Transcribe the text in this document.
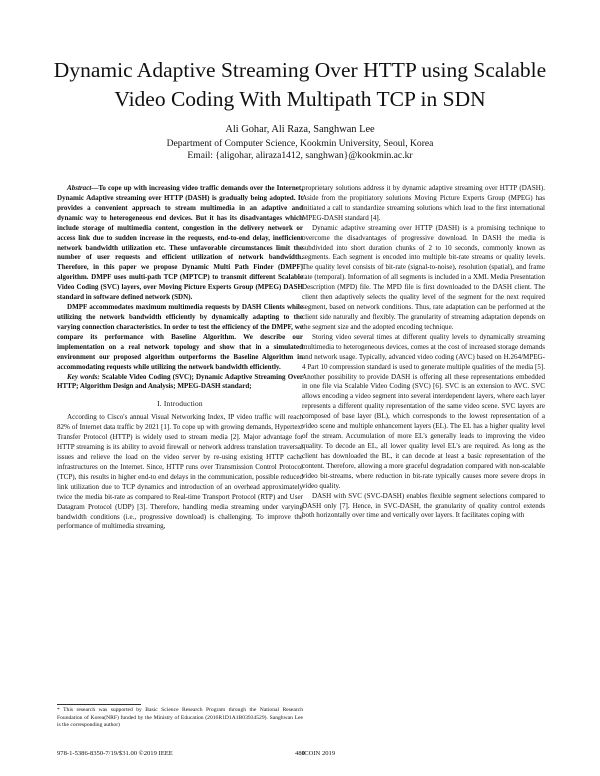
Dynamic Adaptive Streaming Over HTTP using Scalable Video Coding With Multipath TCP in SDN
Ali Gohar, Ali Raza, Sanghwan Lee
Department of Computer Science, Kookmin University, Seoul, Korea
Email: {aligohar, aliraza1412, sanghwan}@kookmin.ac.kr

Abstract—To cope up with increasing video traffic demands over the Internet, Dynamic Adaptive streaming over HTTP (DASH) is gradually being adopted. It provides a convenient approach to stream multimedia in an adaptive and dynamic way to heterogeneous end devices. But it has its disadvantages which include storage of multimedia content, congestion in the delivery network or access link due to sudden increase in the requests, end-to-end delay, inefficient network bandwidth utilization etc. These unfavorable circumstances limit the number of user requests and efficient utilization of network bandwidth. Therefore, in this paper we propose Dynamic Multi Path Finder (DMPF) algorithm. DMPF uses multi-path TCP (MPTCP) to transmit different Scalable Video Coding (SVC) layers, over Moving Picture Experts Group (MPEG) DASH standard in software defined network (SDN).

DMPF accommodates maximum multimedia requests by DASH Clients while utilizing the network bandwidth efficiently by dynamically adapting to the varying connection characteristics. In order to test the efficiency of the DMPF, we compare its performance with Baseline Algorithm. We describe our implementation on a real network topology and show that in a simulated environment our proposed algorithm outperforms the Baseline Algorithm in accommodating requests while utilizing the network bandwidth efficiently.

Key words: Scalable Video Coding (SVC); Dynamic Adaptive Streaming Over HTTP; Algorithm Design and Analysis; MPEG-DASH standard;

I. Introduction

According to Cisco's annual Visual Networking Index, IP video traffic will reach 82% of Internet data traffic by 2021 [1]. To cope up with growing demands, Hypertext Transfer Protocol (HTTP) is widely used to stream media [2]. Major advantage for HTTP streaming is its ability to avoid firewall or network address translation traversal issues and relieve the load on the video server by re-using existing HTTP cache infrastructures on the Internet. Since, HTTP runs over Transmission Control Protocol (TCP), this results in higher end-to end delays in the communication, possible reduced link utilization due to TCP dynamics and introduction of an overhead approximately twice the media bit-rate as compared to Real-time Transport Protocol (RTP) and User Datagram Protocol (UDP) [3]. Therefore, handling media streaming under varying bandwidth conditions (i.e., progressive download) is challenging. To improve the performance of multimedia streaming,

proprietary solutions address it by dynamic adaptive streaming over HTTP (DASH). Aside from the propitiatory solutions Moving Picture Experts Group (MPEG) has initiated a call to standardize streaming solutions which lead to the first international MPEG-DASH standard [4].

Dynamic adaptive streaming over HTTP (DASH) is a promising technique to overcome the disadvantages of progressive download. In DASH the media is subdivided into short duration chunks of 2 to 10 seconds, commonly known as segments. Each segment is encoded into multiple bit-rate streams or quality levels. The quality level consists of bit-rate (signal-to-noise), resolution (spatial), and frame rate (temporal). Information of all segments is included in a XML Media Presentation Description (MPD) file. The MPD file is first downloaded to the DASH client. The client then adaptively selects the quality level of the segment for the next required segment, based on network conditions. Thus, rate adaptation can be performed at the client side naturally and flexibly. The granularity of streaming adaptation depends on the segment size and the adopted encoding technique.

Storing video several times at different quality levels to dynamically streaming multimedia to heterogeneous devices, comes at the cost of increased storage demands and network usage. Typically, advanced video coding (AVC) based on H.264/MPEG-4 Part 10 compression standard is used to generate multiple qualities of the media [5]. Another possibility to provide DASH is offering all these representations embedded in one file via Scalable Video Coding (SVC) [6]. SVC is an extension to AVC. SVC allows encoding a video segment into several interdependent layers, where each layer represents a different quality representation of the same video scene. SVC layers are composed of base layer (BL), which corresponds to the lowest representation of a video scene and multiple enhancement layers (EL). The EL has a higher quality level of the stream. Accumulation of more EL's generally leads to improving the video quality. To decode an EL, all lower quality level EL's are required. As long as the client has downloaded the BL, it can decode at least a basic representation of the content. Therefore, allowing a more graceful degradation compared with non-scalable video bit-streams, where reduction in bit-rate typically causes more severe drops in video quality.

DASH with SVC (SVC-DASH) enables flexible segment selections compared to DASH only [7]. Hence, in SVC-DASH, the granularity of quality control extends both horizontally over time and vertically over layers. It facilitates coping with

* This research was supported by Basic Science Research Program through the National Research Foundation of Korea(NRF) funded by the Ministry of Education (2016R1D1A1B03934529). Sanghwan Lee is the corresponding author)
978-1-5386-8350-7/19/$31.00 ©2019 IEEE	480
ICOIN 2019
